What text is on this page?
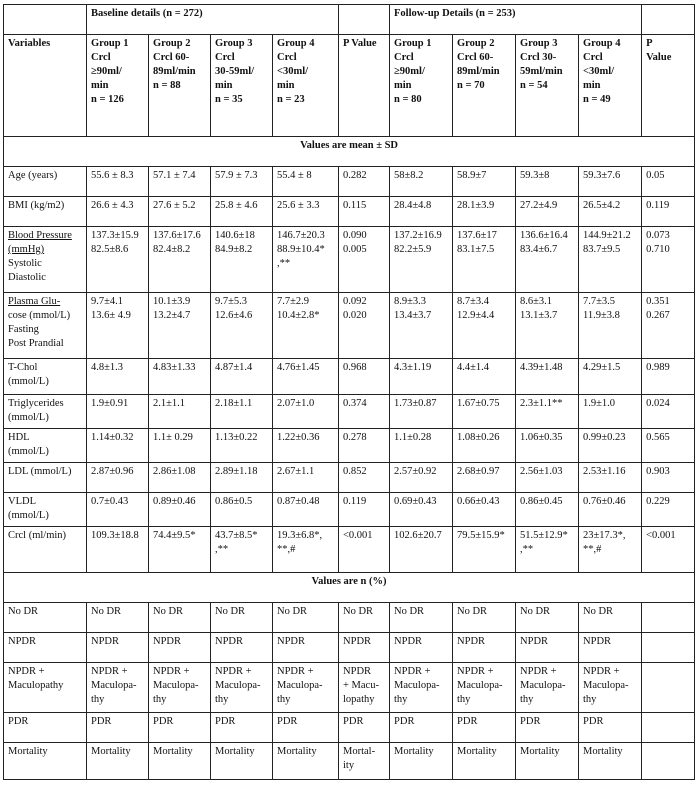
	Baseline details (n = 272)					Follow-up Details (n = 253)				
Variables	Group 1
Crcl
≥90ml/
min
n = 126	Group 2
Crcl 60-
89ml/min
n = 88	Group 3
Crcl
30-59ml/
min
n = 35	Group 4
Crcl
<30ml/
min
n = 23	P Value	Group 1
Crcl
≥90ml/
min
n = 80	Group 2
Crcl 60-
89ml/min
n = 70	Group 3
Crcl 30-
59ml/min
n = 54	Group 4
Crcl
<30ml/
min
n = 49	P
Value

Values are mean ± SD										

Age (years)	55.6 ± 8.3	57.1 ± 7.4	57.9 ± 7.3	55.4 ± 8	0.282	58±8.2	58.9±7	59.3±8	59.3±7.6	0.05

BMI (kg/m2)	26.6 ± 4.3	27.6 ± 5.2	25.8 ± 4.6	25.6 ± 3.3	0.115	28.4±4.8	28.1±3.9	27.2±4.9	26.5±4.2	0.119

Blood Pressure
(mmHg)
Systolic
Diastolic	137.3±15.9
82.5±8.6	137.6±17.6
82.4±8.2	140.6±18
84.9±8.2	146.7±20.3
88.9±10.4*
,**	0.090
0.005	137.2±16.9
82.2±5.9	137.6±17
83.1±7.5	136.6±16.4
83.4±6.7	144.9±21.2
83.7±9.5	0.073
0.710

Plasma Glu-
cose (mmol/L)
Fasting
Post Prandial	9.7±4.1
13.6± 4.9	10.1±3.9
13.2±4.7	9.7±5.3
12.6±4.6	7.7±2.9
10.4±2.8*	0.092
0.020	8.9±3.3
13.4±3.7	8.7±3.4
12.9±4.4	8.6±3.1
13.1±3.7	7.7±3.5
11.9±3.8	0.351
0.267

T-Chol
(mmol/L)	4.8±1.3	4.83±1.33	4.87±1.4	4.76±1.45	0.968	4.3±1.19	4.4±1.4	4.39±1.48	4.29±1.5	0.989

Triglycerides
(mmol/L)	1.9±0.91	2.1±1.1	2.18±1.1	2.07±1.0	0.374	1.73±0.87	1.67±0.75	2.3±1.1**	1.9±1.0	0.024

HDL
(mmol/L)	1.14±0.32	1.1± 0.29	1.13±0.22	1.22±0.36	0.278	1.1±0.28	1.08±0.26	1.06±0.35	0.99±0.23	0.565

LDL (mmol/L)	2.87±0.96	2.86±1.08	2.89±1.18	2.67±1.1	0.852	2.57±0.92	2.68±0.97	2.56±1.03	2.53±1.16	0.903

VLDL
(mmol/L)	0.7±0.43	0.89±0.46	0.86±0.5	0.87±0.48	0.119	0.69±0.43	0.66±0.43	0.86±0.45	0.76±0.46	0.229

Crcl (ml/min)	109.3±18.8	74.4±9.5*	43.7±8.5*
,**	19.3±6.8*,
**,#	<0.001	102.6±20.7	79.5±15.9*	51.5±12.9*
,**	23±17.3*,
**,#	<0.001

Values are n (%)										

No DR	No DR	No DR	No DR	No DR	No DR	No DR	No DR	No DR	No DR	

NPDR	NPDR	NPDR	NPDR	NPDR	NPDR	NPDR	NPDR	NPDR	NPDR	

NPDR +
Maculopathy	NPDR +
Maculopa-
thy	NPDR +
Maculopa-
thy	NPDR +
Maculopa-
thy	NPDR +
Maculopa-
thy	NPDR
+ Macu-
lopathy	NPDR +
Maculopa-
thy	NPDR +
Maculopa-
thy	NPDR +
Maculopa-
thy	NPDR +
Maculopa-
thy	

PDR	PDR	PDR	PDR	PDR	PDR	PDR	PDR	PDR	PDR	

Mortality	Mortality	Mortality	Mortality	Mortality	Mortal-
ity	Mortality	Mortality	Mortality	Mortality	
